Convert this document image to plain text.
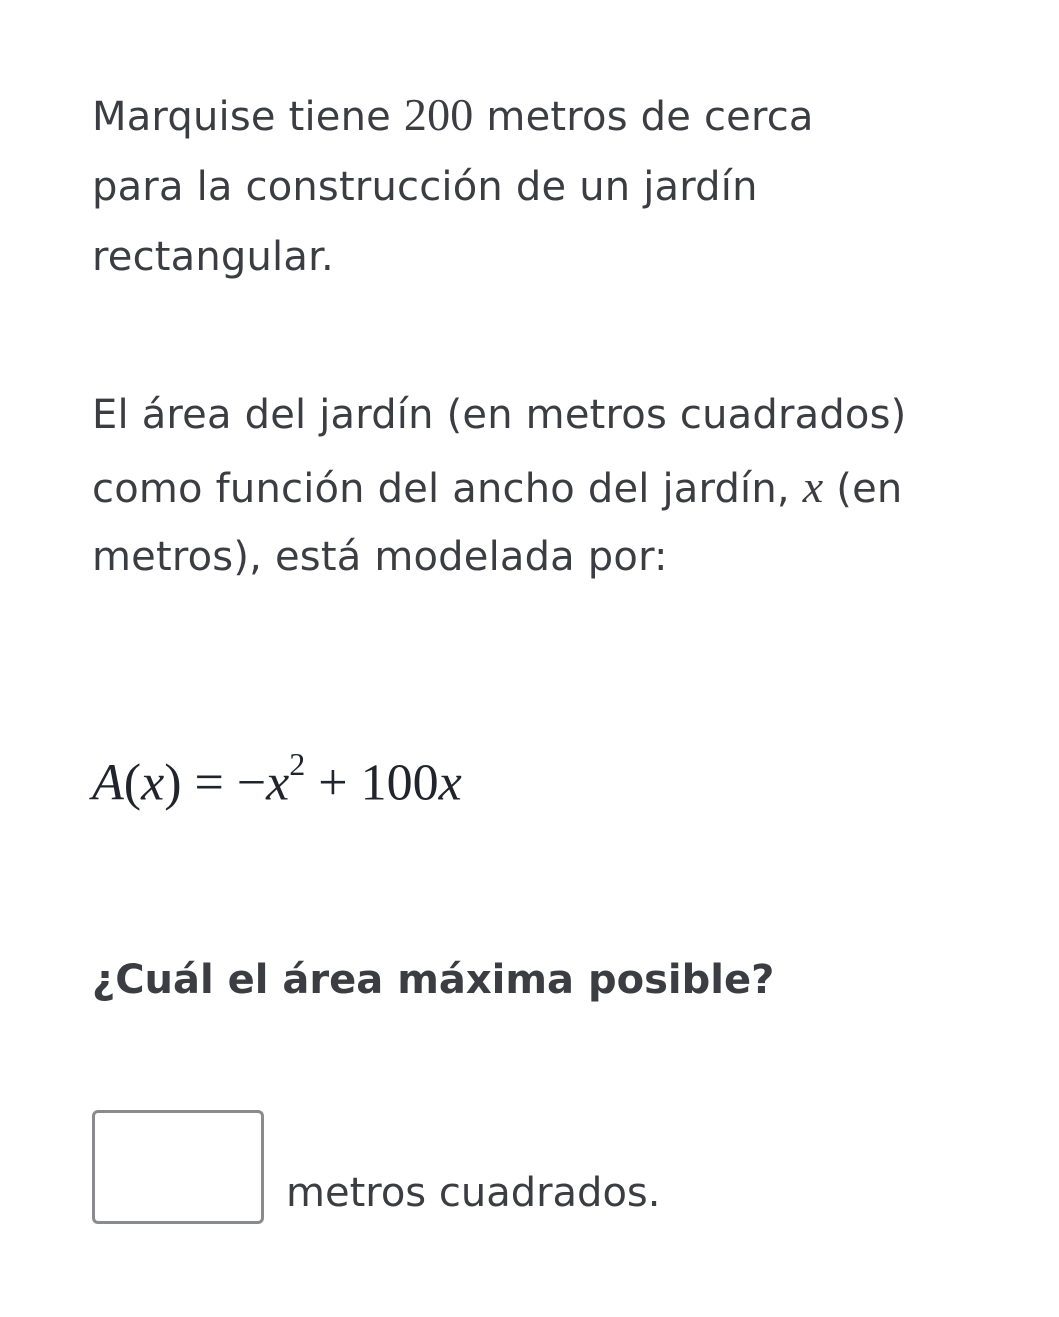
Marquise tiene 200 metros de cerca
para la construcción de un jardín
rectangular.
El área del jardín (en metros cuadrados)
como función del ancho del jardín, x (en
metros), está modelada por:
$A(x) = -x^2 + 100x$
¿Cuál el área máxima posible?
metros cuadrados.
